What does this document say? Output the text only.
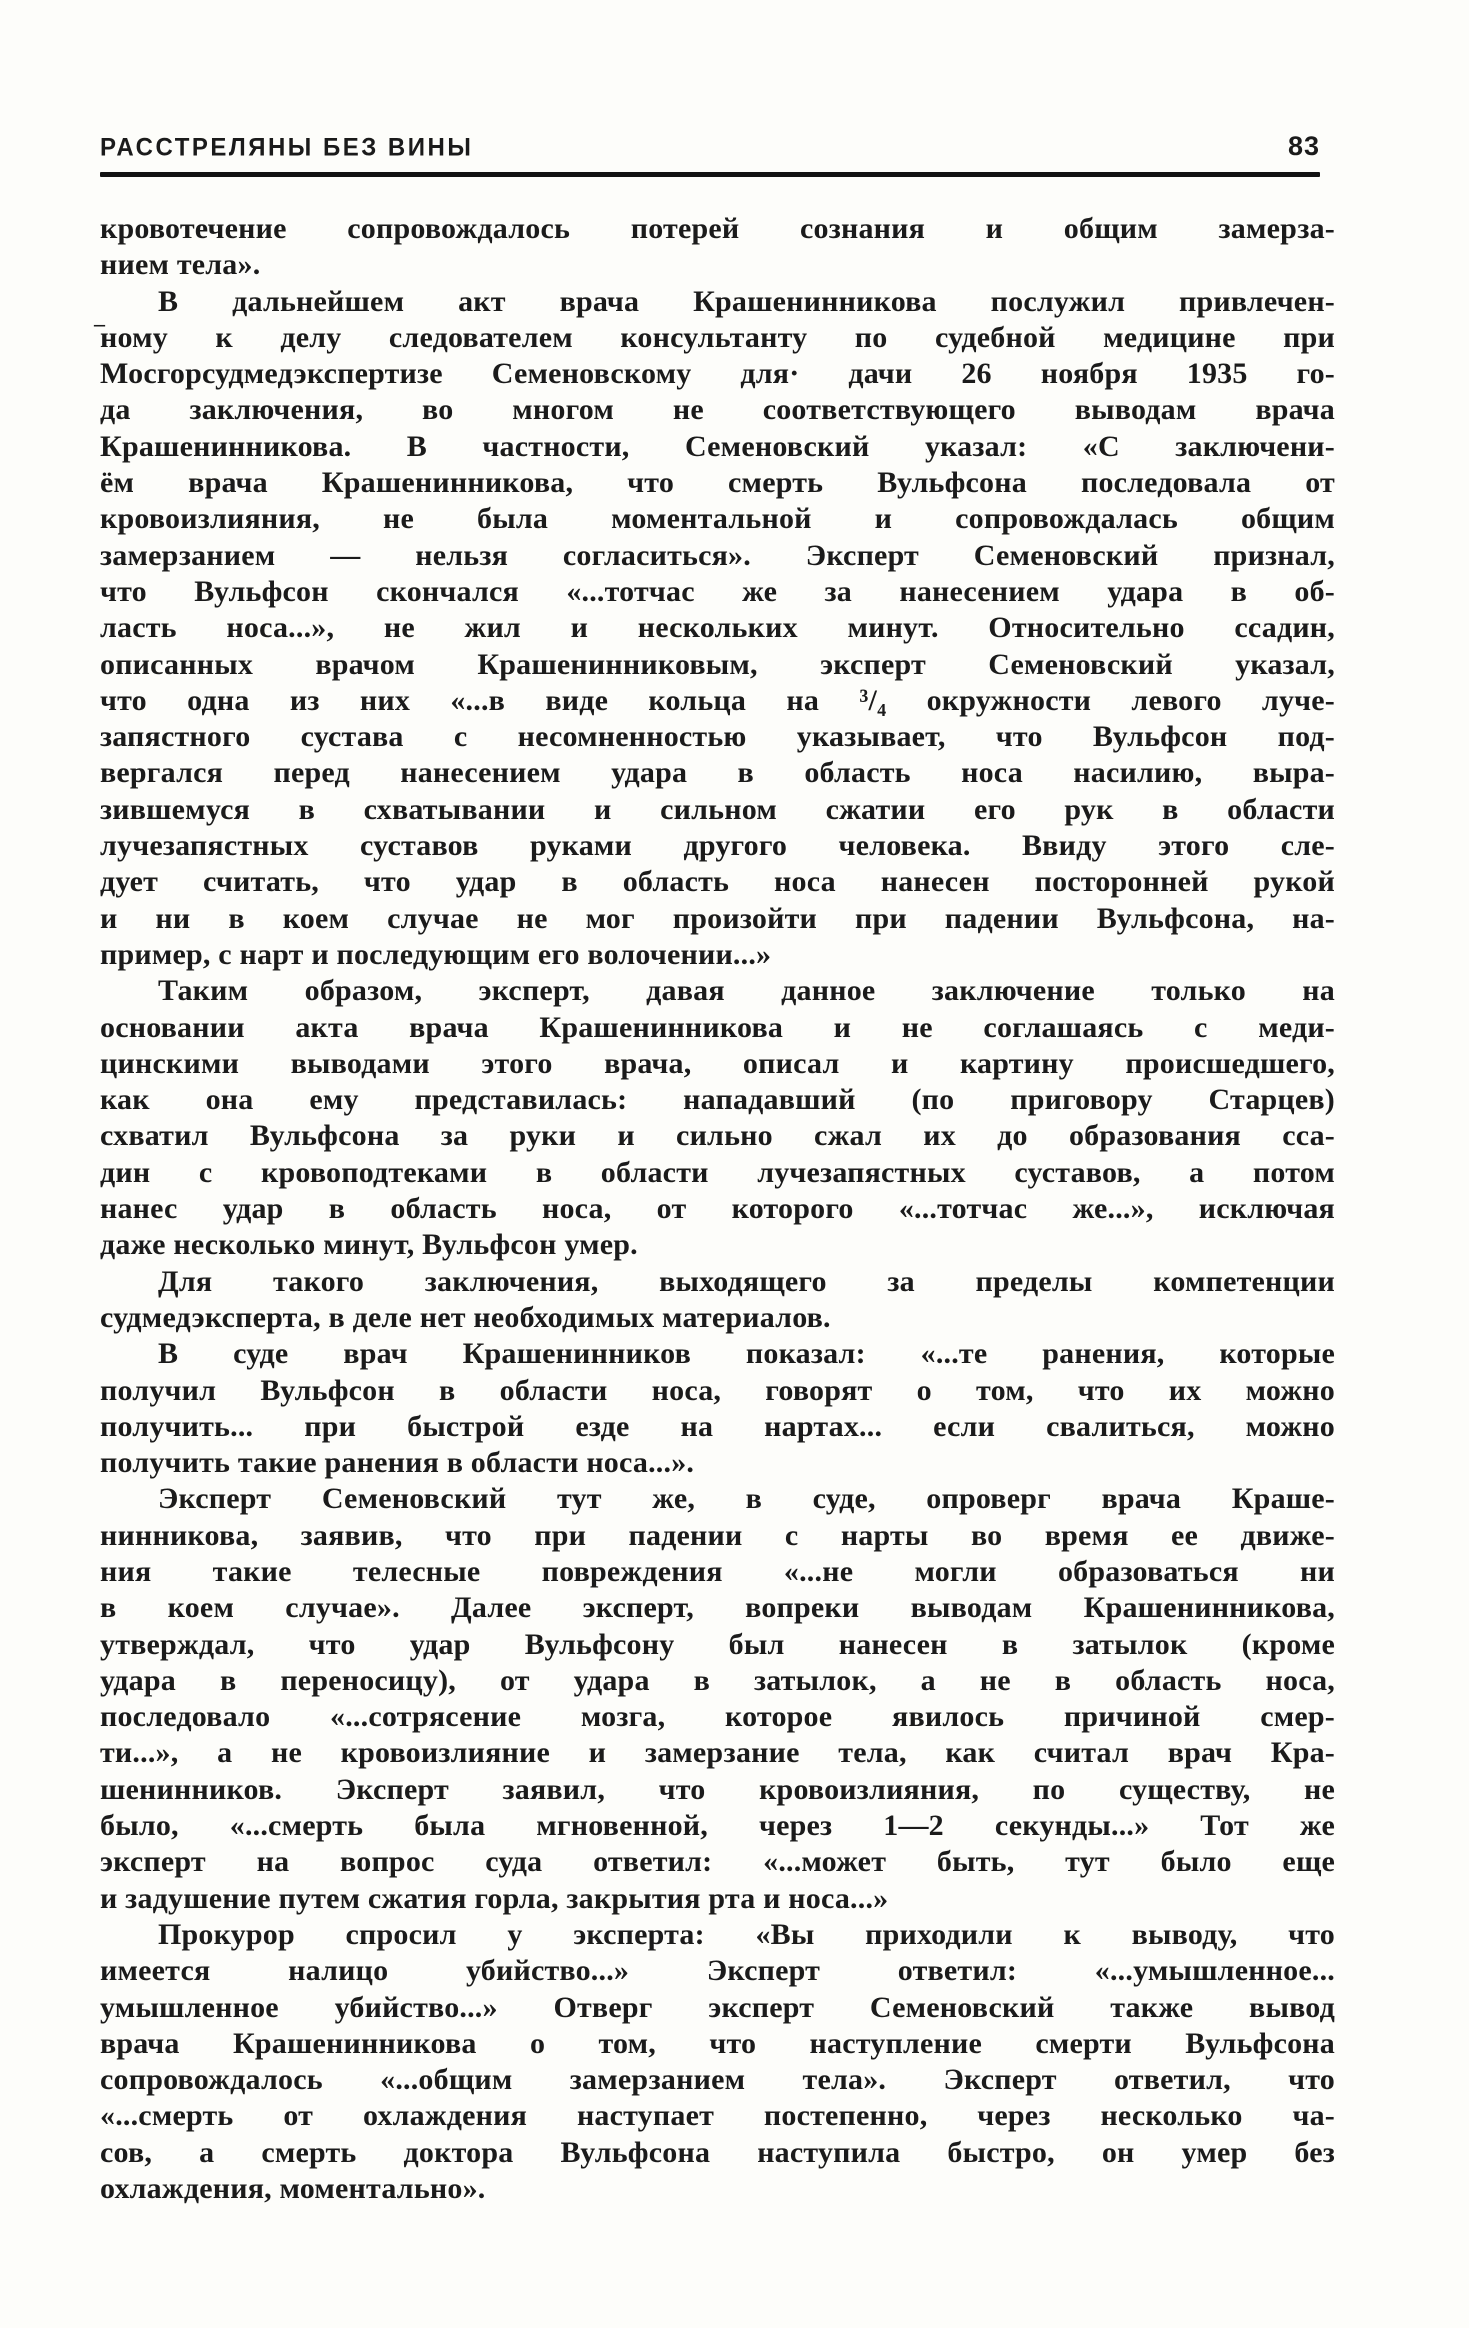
РАССТРЕЛЯНЫ БЕЗ ВИНЫ	83
кровотечение сопровождалось потерей сознания и общим замерза-
нием тела».
В дальнейшем акт врача Крашенинникова послужил привлечен-
ному к делу следователем консультанту по судебной медицине при
–
Мосгорсудмедэкспертизе Семеновскому для· дачи 26 ноября 1935 го-
да заключения, во многом не соответствующего выводам врача
Крашенинникова. В частности, Семеновский указал: «С заключени-
ём врача Крашенинникова, что смерть Вульфсона последовала от
кровоизлияния, не была моментальной и сопровождалась общим
замерзанием — нельзя согласиться». Эксперт Семеновский признал,
что Вульфсон скончался «...тотчас же за нанесением удара в об-
ласть носа...», не жил и нескольких минут. Относительно ссадин,
описанных врачом Крашенинниковым, эксперт Семеновский указал,
что одна из них «...в виде кольца на ³/₄ окружности левого луче-
запястного сустава с несомненностью указывает, что Вульфсон под-
вергался перед нанесением удара в область носа насилию, выра-
зившемуся в схватывании и сильном сжатии его рук в области
лучезапястных суставов руками другого человека. Ввиду этого сле-
дует считать, что удар в область носа нанесен посторонней рукой
и ни в коем случае не мог произойти при падении Вульфсона, на-
пример, с нарт и последующим его волочении...»
Таким образом, эксперт, давая данное заключение только на
основании акта врача Крашенинникова и не соглашаясь с меди-
цинскими выводами этого врача, описал и картину происшедшего,
как она ему представилась: нападавший (по приговору Старцев)
схватил Вульфсона за руки и сильно сжал их до образования сса-
дин с кровоподтеками в области лучезапястных суставов, а потом
нанес удар в область носа, от которого «...тотчас же...», исключая
даже несколько минут, Вульфсон умер.
Для такого заключения, выходящего за пределы компетенции
судмедэксперта, в деле нет необходимых материалов.
В суде врач Крашенинников показал: «...те ранения, которые
получил Вульфсон в области носа, говорят о том, что их можно
получить... при быстрой езде на нартах... если свалиться, можно
получить такие ранения в области носа...».
Эксперт Семеновский тут же, в суде, опроверг врача Краше-
нинникова, заявив, что при падении с нарты во время ее движе-
ния такие телесные повреждения «...не могли образоваться ни
в коем случае». Далее эксперт, вопреки выводам Крашенинникова,
утверждал, что удар Вульфсону был нанесен в затылок (кроме
удара в переносицу), от удара в затылок, а не в область носа,
последовало «...сотрясение мозга, которое явилось причиной смер-
ти...», а не кровоизлияние и замерзание тела, как считал врач Кра-
шенинников. Эксперт заявил, что кровоизлияния, по существу, не
было, «...смерть была мгновенной, через 1—2 секунды...» Тот же
эксперт на вопрос суда ответил: «...может быть, тут было еще
и задушение путем сжатия горла, закрытия рта и носа...»
Прокурор спросил у эксперта: «Вы приходили к выводу, что
имеется налицо убийство...» Эксперт ответил: «...умышленное...
умышленное убийство...» Отверг эксперт Семеновский также вывод
врача Крашенинникова о том, что наступление смерти Вульфсона
сопровождалось «...общим замерзанием тела». Эксперт ответил, что
«...смерть от охлаждения наступает постепенно, через несколько ча-
сов, а смерть доктора Вульфсона наступила быстро, он умер без
охлаждения, моментально».
